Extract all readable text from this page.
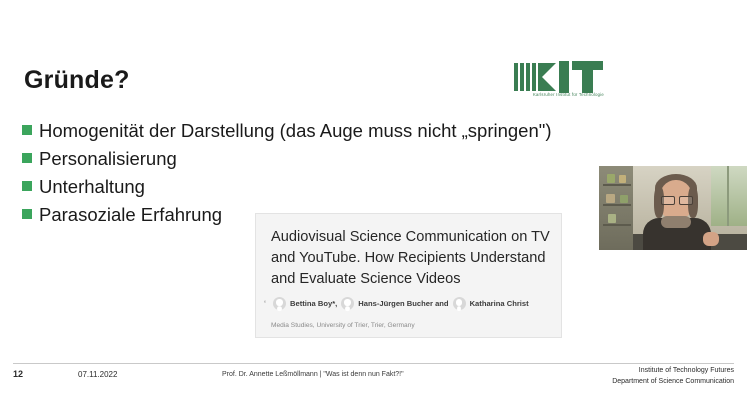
Gründe?
Karlsruher Institut für Technologie
Homogenität der Darstellung (das Auge muss nicht „springen")
Personalisierung
Unterhaltung
Parasoziale Erfahrung
Audiovisual Science Communication on TV and YouTube. How Recipients Understand and Evaluate Science Videos
‘	Bettina Boy*,	Hans-Jürgen Bucher and	Katharina Christ
Media Studies, University of Trier, Trier, Germany
12	07.11.2022	Prof. Dr. Annette Leßmöllmann | "Was ist denn nun Fakt?!"
Institute of Technology Futures
Department of Science Communication
